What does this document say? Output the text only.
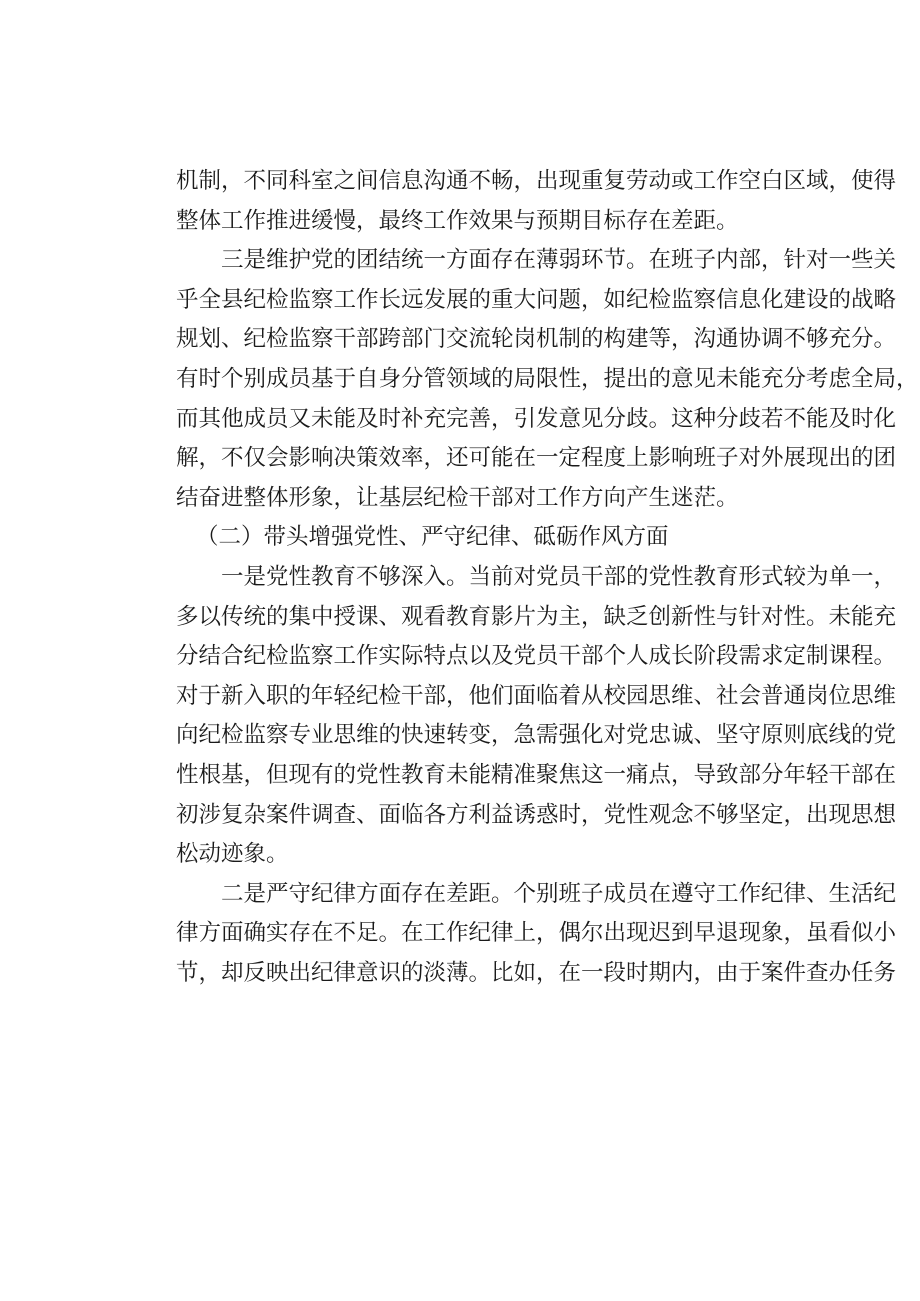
机制，不同科室之间信息沟通不畅，出现重复劳动或工作空白区域，使得
整体工作推进缓慢，最终工作效果与预期目标存在差距。
三是维护党的团结统一方面存在薄弱环节。在班子内部，针对一些关
乎全县纪检监察工作长远发展的重大问题，如纪检监察信息化建设的战略
规划、纪检监察干部跨部门交流轮岗机制的构建等，沟通协调不够充分。
有时个别成员基于自身分管领域的局限性，提出的意见未能充分考虑全局，
而其他成员又未能及时补充完善，引发意见分歧。这种分歧若不能及时化
解，不仅会影响决策效率，还可能在一定程度上影响班子对外展现出的团
结奋进整体形象，让基层纪检干部对工作方向产生迷茫。
（二）带头增强党性、严守纪律、砥砺作风方面
一是党性教育不够深入。当前对党员干部的党性教育形式较为单一，
多以传统的集中授课、观看教育影片为主，缺乏创新性与针对性。未能充
分结合纪检监察工作实际特点以及党员干部个人成长阶段需求定制课程。
对于新入职的年轻纪检干部，他们面临着从校园思维、社会普通岗位思维
向纪检监察专业思维的快速转变，急需强化对党忠诚、坚守原则底线的党
性根基，但现有的党性教育未能精准聚焦这一痛点，导致部分年轻干部在
初涉复杂案件调查、面临各方利益诱惑时，党性观念不够坚定，出现思想
松动迹象。
二是严守纪律方面存在差距。个别班子成员在遵守工作纪律、生活纪
律方面确实存在不足。在工作纪律上，偶尔出现迟到早退现象，虽看似小
节，却反映出纪律意识的淡薄。比如，在一段时期内，由于案件查办任务
